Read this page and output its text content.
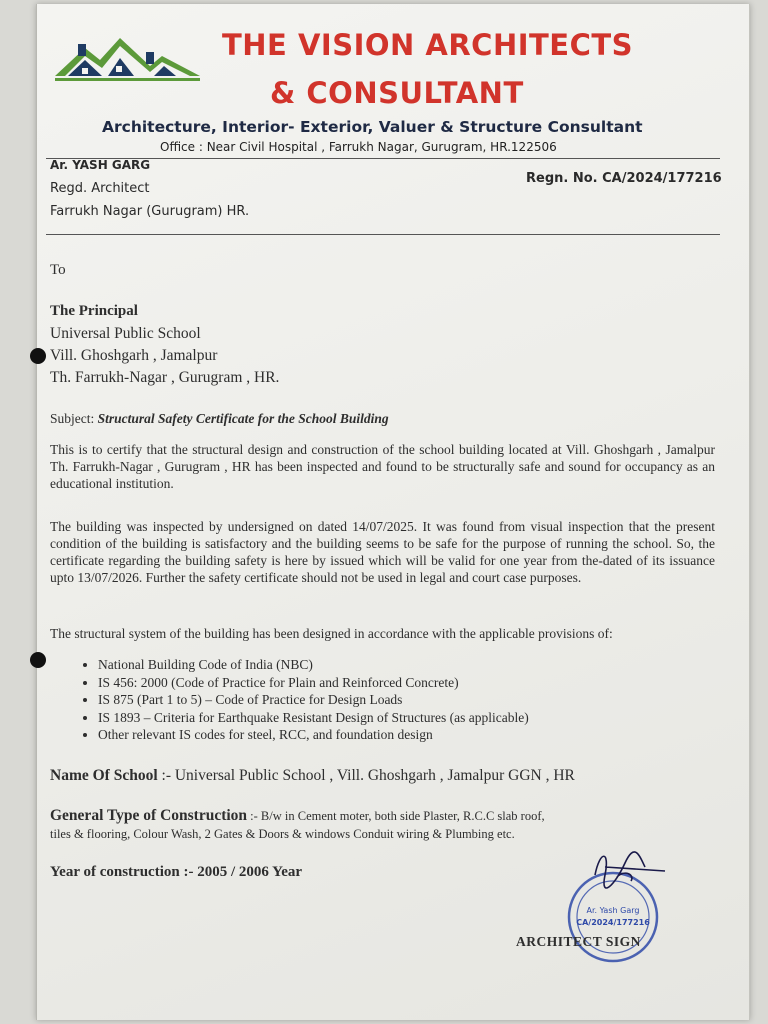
THE VISION ARCHITECTS
& CONSULTANT
Architecture, Interior- Exterior, Valuer & Structure Consultant
Office : Near Civil Hospital , Farrukh Nagar, Gurugram, HR.122506
Ar. YASH GARG
Regn. No. CA/2024/177216
Regd. Architect
Farrukh Nagar (Gurugram) HR.
To
The Principal
Universal Public School
Vill. Ghoshgarh , Jamalpur
Th. Farrukh-Nagar , Gurugram , HR.
Subject: Structural Safety Certificate for the School Building
This is to certify that the structural design and construction of the school building located at Vill. Ghoshgarh , Jamalpur Th. Farrukh-Nagar , Gurugram , HR has been inspected and found to be structurally safe and sound for occupancy as an educational institution.
The building was inspected by undersigned on dated 14/07/2025. It was found from visual inspection that the present condition of the building is satisfactory and the building seems to be safe for the purpose of running the school. So, the certificate regarding the building safety is here by issued which will be valid for one year from the-dated of its issuance upto 13/07/2026. Further the safety certificate should not be used in legal and court case purposes.
The structural system of the building has been designed in accordance with the applicable provisions of:
• National Building Code of India (NBC)
• IS 456: 2000 (Code of Practice for Plain and Reinforced Concrete)
• IS 875 (Part 1 to 5) – Code of Practice for Design Loads
• IS 1893 – Criteria for Earthquake Resistant Design of Structures (as applicable)
• Other relevant IS codes for steel, RCC, and foundation design
Name Of School :- Universal Public School , Vill. Ghoshgarh , Jamalpur GGN , HR
General Type of Construction :- B/w in Cement moter, both side Plaster, R.C.C slab roof,
tiles & flooring, Colour Wash, 2 Gates & Doors & windows Conduit wiring & Plumbing etc.
Year of construction :- 2005 / 2006 Year
Ar. Yash Garg
CA/2024/177216
ARCHITECT SIGN
